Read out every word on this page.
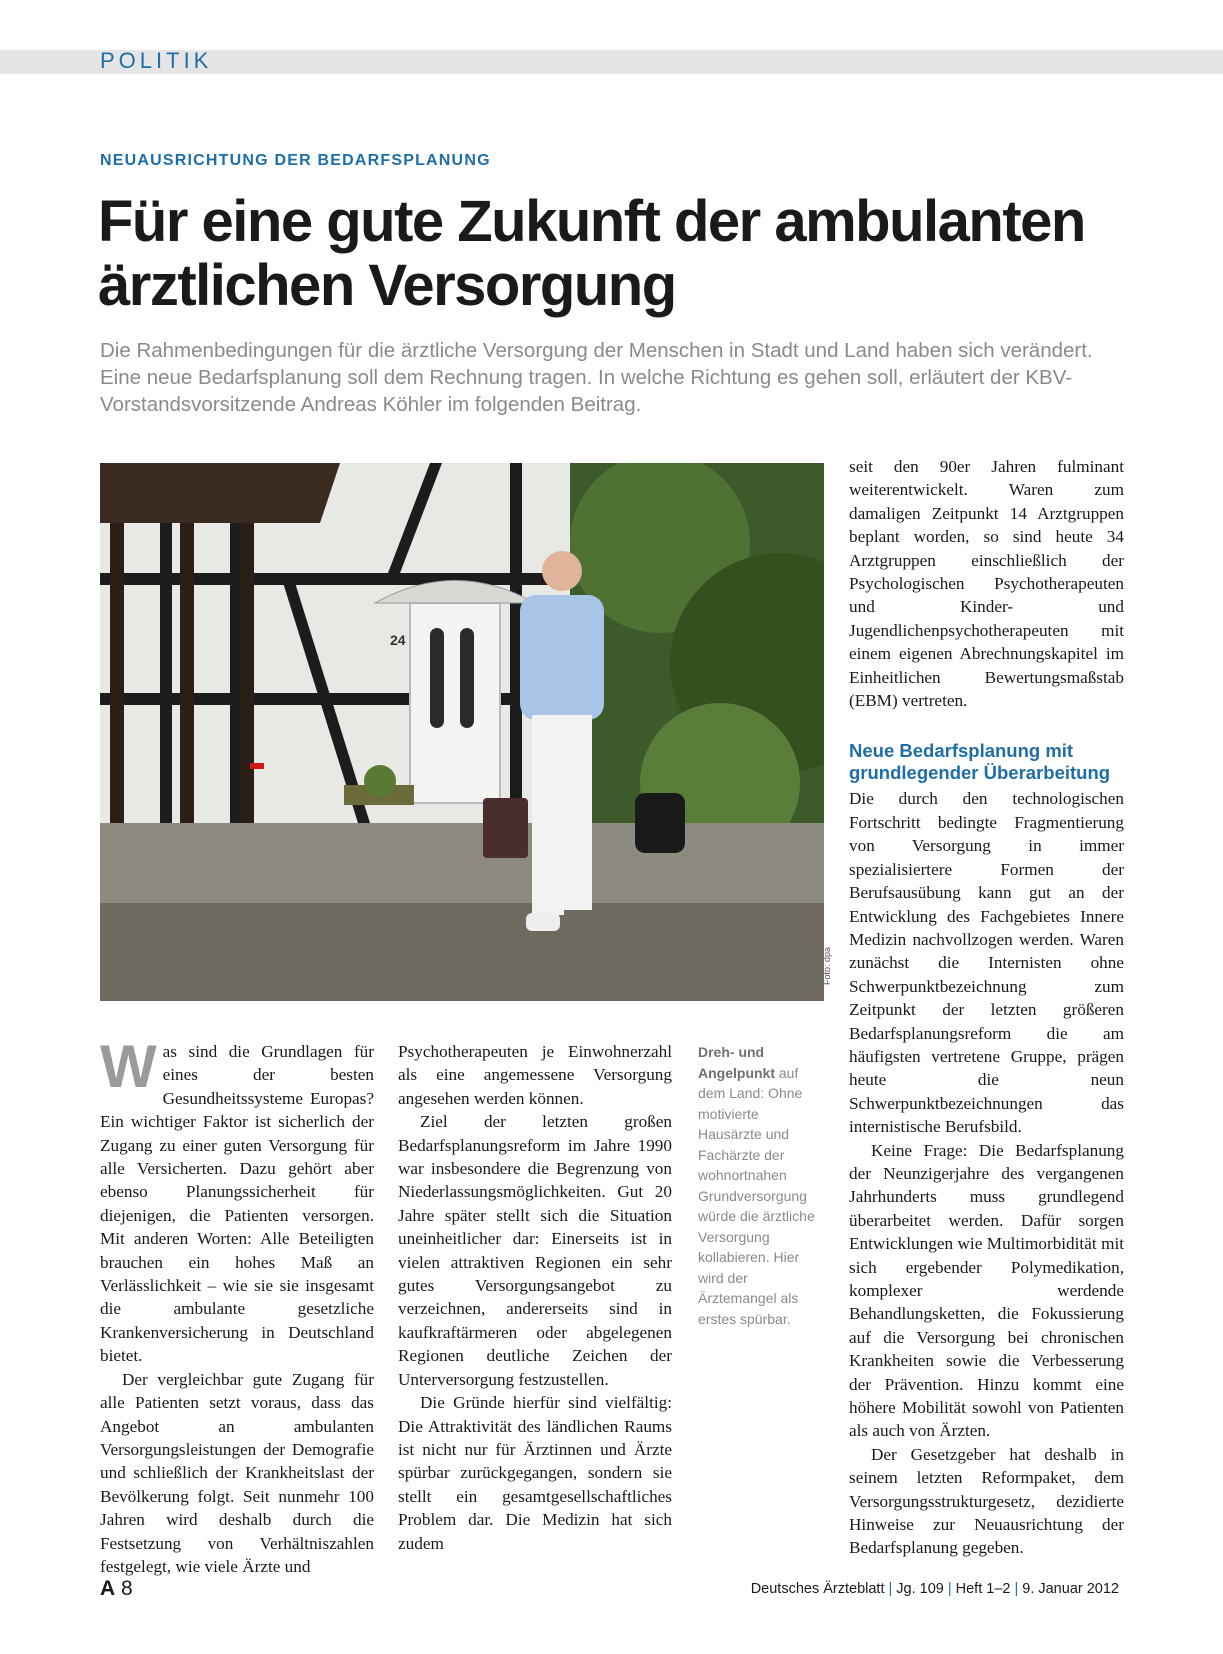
POLITIK
NEUAUSRICHTUNG DER BEDARFSPLANUNG
Für eine gute Zukunft der ambulanten ärztlichen Versorgung
Die Rahmenbedingungen für die ärztliche Versorgung der Menschen in Stadt und Land haben sich verändert. Eine neue Bedarfsplanung soll dem Rechnung tragen. In welche Richtung es gehen soll, erläutert der KBV-Vorstandsvorsitzende Andreas Köhler im folgenden Beitrag.
24
Foto: dpa

Was sind die Grundlagen für eines der besten Gesundheitssysteme Europas? Ein wichtiger Faktor ist sicherlich der Zugang zu einer guten Versorgung für alle Versicherten. Dazu gehört aber ebenso Planungssicherheit für diejenigen, die Patienten versorgen. Mit anderen Worten: Alle Beteiligten brauchen ein hohes Maß an Verlässlichkeit – wie sie sie insgesamt die ambulante gesetzliche Krankenversicherung in Deutschland bietet.

Der vergleichbar gute Zugang für alle Patienten setzt voraus, dass das Angebot an ambulanten Versorgungsleistungen der Demografie und schließlich der Krankheitslast der Bevölkerung folgt. Seit nunmehr 100 Jahren wird deshalb durch die Festsetzung von Verhältniszahlen festgelegt, wie viele Ärzte und

Psychotherapeuten je Einwohnerzahl als eine angemessene Versorgung angesehen werden können.

Ziel der letzten großen Bedarfsplanungsreform im Jahre 1990 war insbesondere die Begrenzung von Niederlassungsmöglichkeiten. Gut 20 Jahre später stellt sich die Situation uneinheitlicher dar: Einerseits ist in vielen attraktiven Regionen ein sehr gutes Versorgungsangebot zu verzeichnen, andererseits sind in kaufkraftärmeren oder abgelegenen Regionen deutliche Zeichen der Unterversorgung festzustellen.

Die Gründe hierfür sind vielfältig: Die Attraktivität des ländlichen Raums ist nicht nur für Ärztinnen und Ärzte spürbar zurückgegangen, sondern sie stellt ein gesamtgesellschaftliches Problem dar. Die Medizin hat sich zudem

Dreh- und Angelpunkt auf dem Land: Ohne motivierte Hausärzte und Fachärzte der wohnortnahen Grundversorgung würde die ärztliche Versorgung kollabieren. Hier wird der Ärztemangel als erstes spürbar.

seit den 90er Jahren fulminant weiterentwickelt. Waren zum damaligen Zeitpunkt 14 Arztgruppen beplant worden, so sind heute 34 Arztgruppen einschließlich der Psychologischen Psychotherapeuten und Kinder- und Jugendlichenpsychotherapeuten mit einem eigenen Abrechnungskapitel im Einheitlichen Bewertungsmaßstab (EBM) vertreten.

Neue Bedarfsplanung mit grundlegender Überarbeitung

Die durch den technologischen Fortschritt bedingte Fragmentierung von Versorgung in immer spezialisiertere Formen der Berufsausübung kann gut an der Entwicklung des Fachgebietes Innere Medizin nachvollzogen werden. Waren zunächst die Internisten ohne Schwerpunktbezeichnung zum Zeitpunkt der letzten größeren Bedarfsplanungsreform die am häufigsten vertretene Gruppe, prägen heute die neun Schwerpunktbezeichnungen das internistische Berufsbild.

Keine Frage: Die Bedarfsplanung der Neunzigerjahre des vergangenen Jahrhunderts muss grundlegend überarbeitet werden. Dafür sorgen Entwicklungen wie Multimorbidität mit sich ergebender Polymedikation, komplexer werdende Behandlungsketten, die Fokussierung auf die Versorgung bei chronischen Krankheiten sowie die Verbesserung der Prävention. Hinzu kommt eine höhere Mobilität sowohl von Patienten als auch von Ärzten.

Der Gesetzgeber hat deshalb in seinem letzten Reformpaket, dem Versorgungsstrukturgesetz, dezidierte Hinweise zur Neuausrichtung der Bedarfsplanung gegeben.

A 8	Deutsches Ärzteblatt | Jg. 109 | Heft 1–2 | 9. Januar 2012
